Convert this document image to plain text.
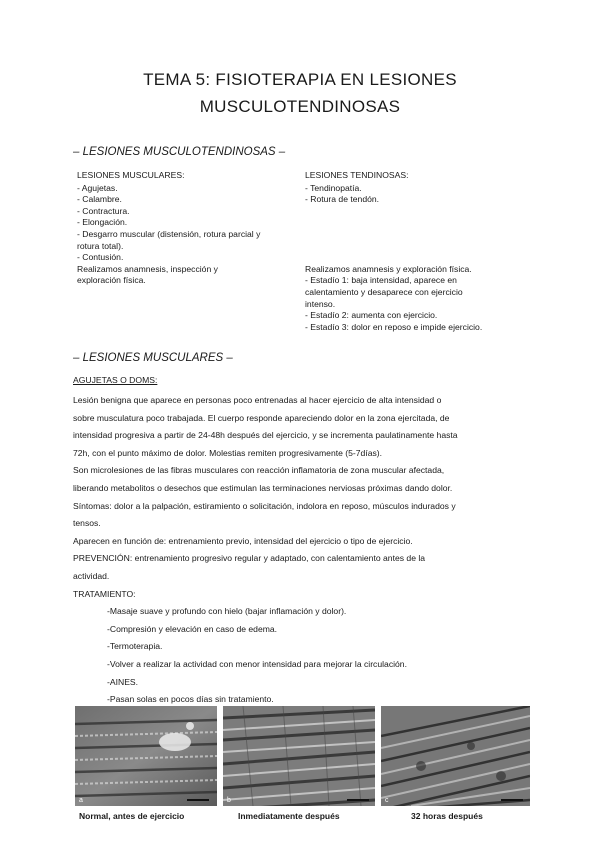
TEMA 5: FISIOTERAPIA EN LESIONES
MUSCULOTENDINOSAS
– LESIONES MUSCULOTENDINOSAS –
LESIONES MUSCULARES:
- Agujetas.
- Calambre.
- Contractura.
- Elongación.
- Desgarro muscular (distensión, rotura parcial y
rotura total).
- Contusión.
Realizamos anamnesis, inspección y
exploración física.
LESIONES TENDINOSAS:
- Tendinopatía.
- Rotura de tendón.
Realizamos anamnesis y exploración física.
- Estadío 1: baja intensidad, aparece en
calentamiento y desaparece con ejercicio
intenso.
- Estadío 2: aumenta con ejercicio.
- Estadío 3: dolor en reposo e impide ejercicio.
– LESIONES MUSCULARES –
AGUJETAS O DOMS:
Lesión benigna que aparece en personas poco entrenadas al hacer ejercicio de alta intensidad o
sobre musculatura poco trabajada. El cuerpo responde apareciendo dolor en la zona ejercitada, de
intensidad progresiva a partir de 24-48h después del ejercicio, y se incrementa paulatinamente hasta
72h, con el punto máximo de dolor. Molestias remiten progresivamente (5-7días).
Son microlesiones de las fibras musculares con reacción inflamatoria de zona muscular afectada,
liberando metabolitos o desechos que estimulan las terminaciones nerviosas próximas dando dolor.
Síntomas: dolor a la palpación, estiramiento o solicitación, indolora en reposo, músculos indurados y
tensos.
Aparecen en función de: entrenamiento previo, intensidad del ejercicio o tipo de ejercicio.
PREVENCIÓN: entrenamiento progresivo regular y adaptado, con calentamiento antes de la
actividad.
TRATAMIENTO:
-Masaje suave y profundo con hielo (bajar inflamación y dolor).
-Compresión y elevación en caso de edema.
-Termoterapia.
-Volver a realizar la actividad con menor intensidad para mejorar la circulación.
-AINES.
-Pasan solas en pocos días sin tratamiento.
a	b	c
Normal, antes de ejercicio	Inmediatamente después	32 horas después
